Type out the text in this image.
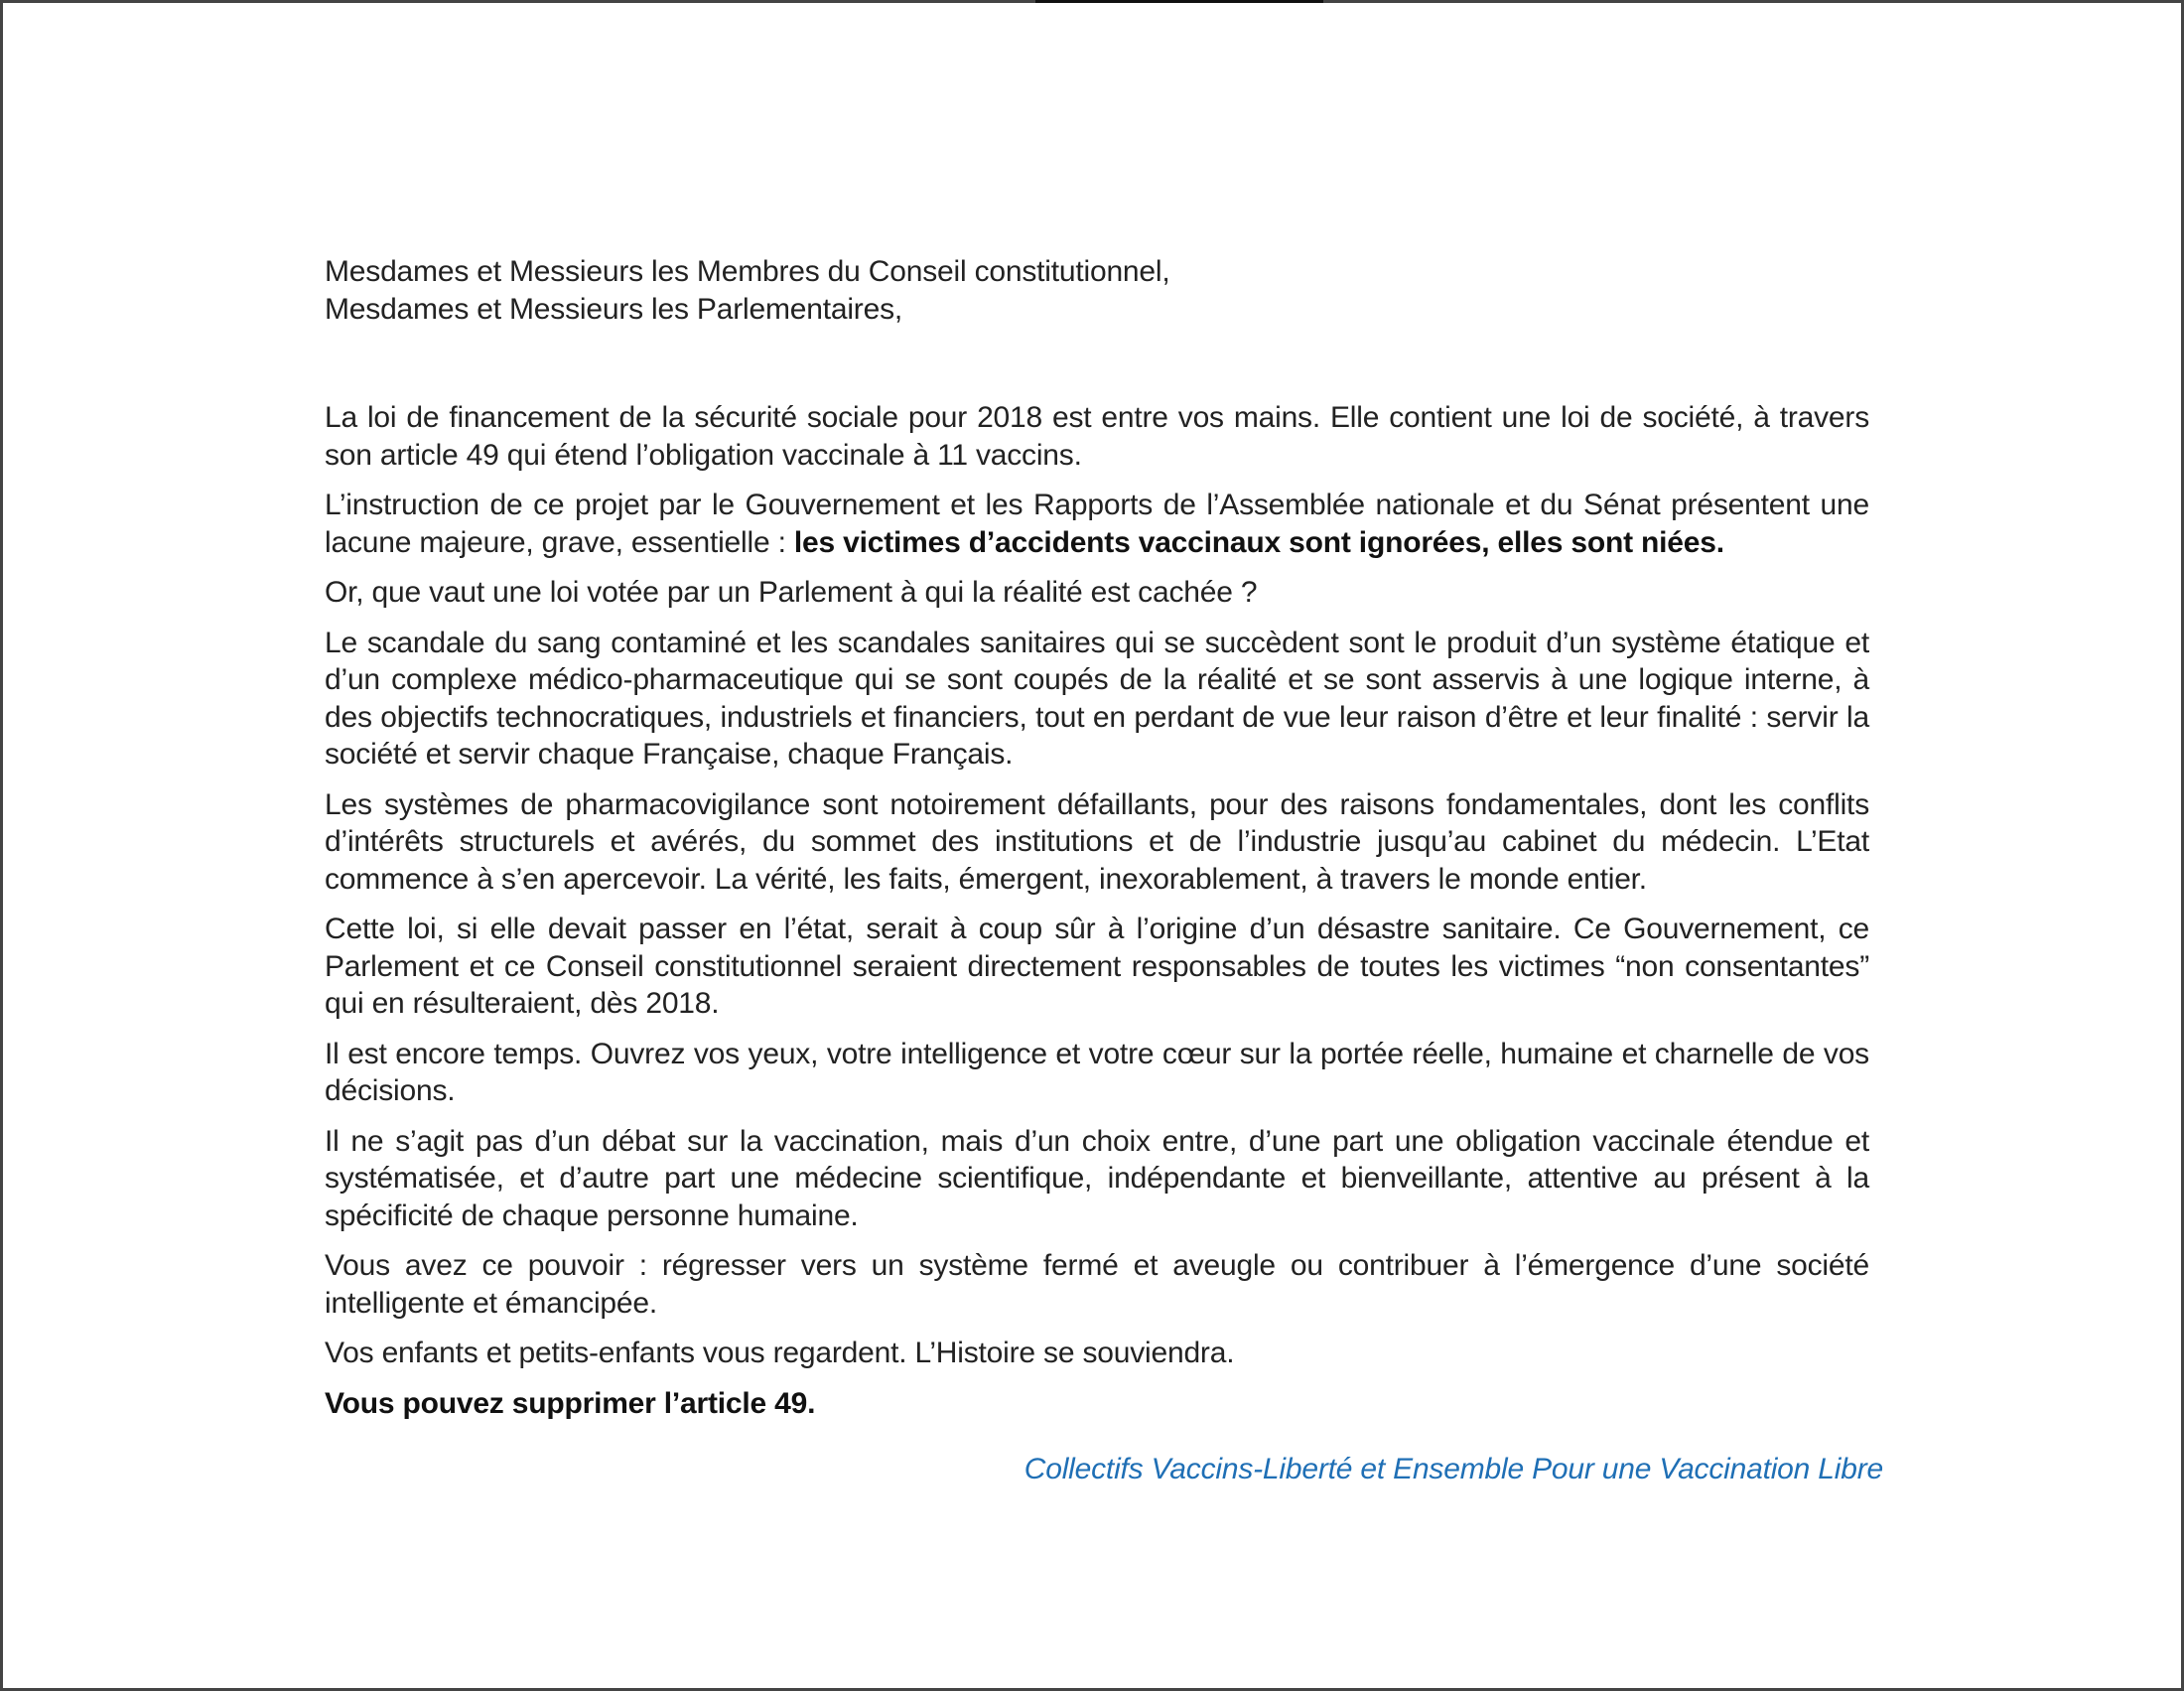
Mesdames et Messieurs les Membres du Conseil constitutionnel,
Mesdames et Messieurs les Parlementaires,

La loi de financement de la sécurité sociale pour 2018 est entre vos mains. Elle contient une loi de société, à travers son article 49 qui étend l’obligation vaccinale à 11 vaccins.

L’instruction de ce projet par le Gouvernement et les Rapports de l’Assemblée nationale et du Sénat présentent une lacune majeure, grave, essentielle : les victimes d’accidents vaccinaux sont ignorées, elles sont niées.

Or, que vaut une loi votée par un Parlement à qui la réalité est cachée ?

Le scandale du sang contaminé et les scandales sanitaires qui se succèdent sont le produit d’un système étatique et d’un complexe médico-pharmaceutique qui se sont coupés de la réalité et se sont asservis à une logique interne, à des objectifs technocratiques, industriels et financiers, tout en perdant de vue leur raison d’être et leur finalité : servir la société et servir chaque Française, chaque Français.

Les systèmes de pharmacovigilance sont notoirement défaillants, pour des raisons fondamentales, dont les conflits d’intérêts structurels et avérés, du sommet des institutions et de l’industrie jusqu’au cabinet du médecin. L’Etat commence à s’en apercevoir. La vérité, les faits, émergent, inexorablement, à travers le monde entier.

Cette loi, si elle devait passer en l’état, serait à coup sûr à l’origine d’un désastre sanitaire. Ce Gouvernement, ce Parlement et ce Conseil constitutionnel seraient directement responsables de toutes les victimes “non consentantes” qui en résulteraient, dès 2018.

Il est encore temps. Ouvrez vos yeux, votre intelligence et votre cœur sur la portée réelle, humaine et charnelle de vos décisions.

Il ne s’agit pas d’un débat sur la vaccination, mais d’un choix entre, d’une part une obligation vaccinale étendue et systématisée, et d’autre part une médecine scientifique, indépendante et bienveillante, attentive au présent à la spécificité de chaque personne humaine.

Vous avez ce pouvoir : régresser vers un système fermé et aveugle ou contribuer à l’émergence d’une société intelligente et émancipée.

Vos enfants et petits-enfants vous regardent. L’Histoire se souviendra.

Vous pouvez supprimer l’article 49.

Collectifs Vaccins-Liberté et Ensemble Pour une Vaccination Libre
